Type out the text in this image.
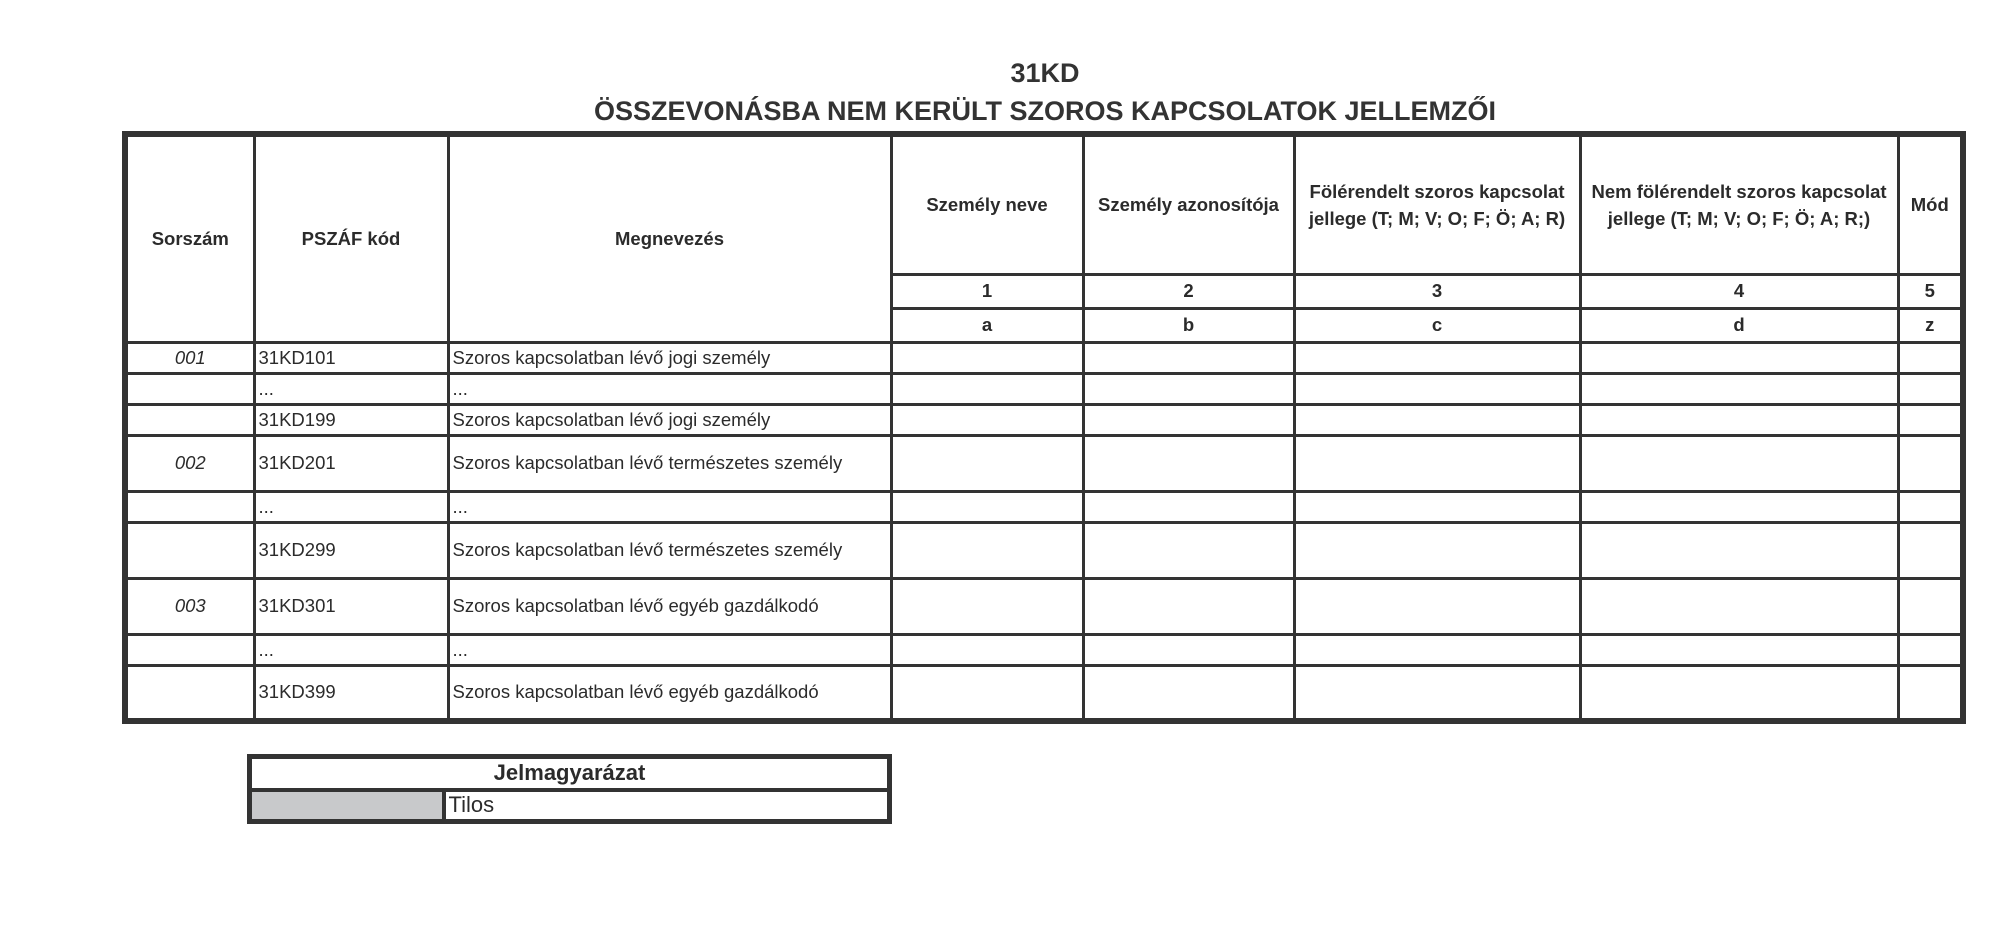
31KD
ÖSSZEVONÁSBA NEM KERÜLT SZOROS KAPCSOLATOK JELLEMZŐI
Sorszám	PSZÁF kód	Megnevezés	Személy neve	Személy azonosítója	Fölérendelt szoros kapcsolat jellege (T; M; V; O; F; Ö; A; R)	Nem fölérendelt szoros kapcsolat jellege (T; M; V; O; F; Ö; A; R;)	Mód
			1	2	3	4	5
			a	b	c	d	z
001	31KD101	Szoros kapcsolatban lévő jogi személy					
	...	...					
	31KD199	Szoros kapcsolatban lévő jogi személy					
002	31KD201	Szoros kapcsolatban lévő természetes személy					
	...	...					
	31KD299	Szoros kapcsolatban lévő természetes személy					
003	31KD301	Szoros kapcsolatban lévő egyéb gazdálkodó					
	...	...					
	31KD399	Szoros kapcsolatban lévő egyéb gazdálkodó					
Jelmagyarázat
	Tilos
